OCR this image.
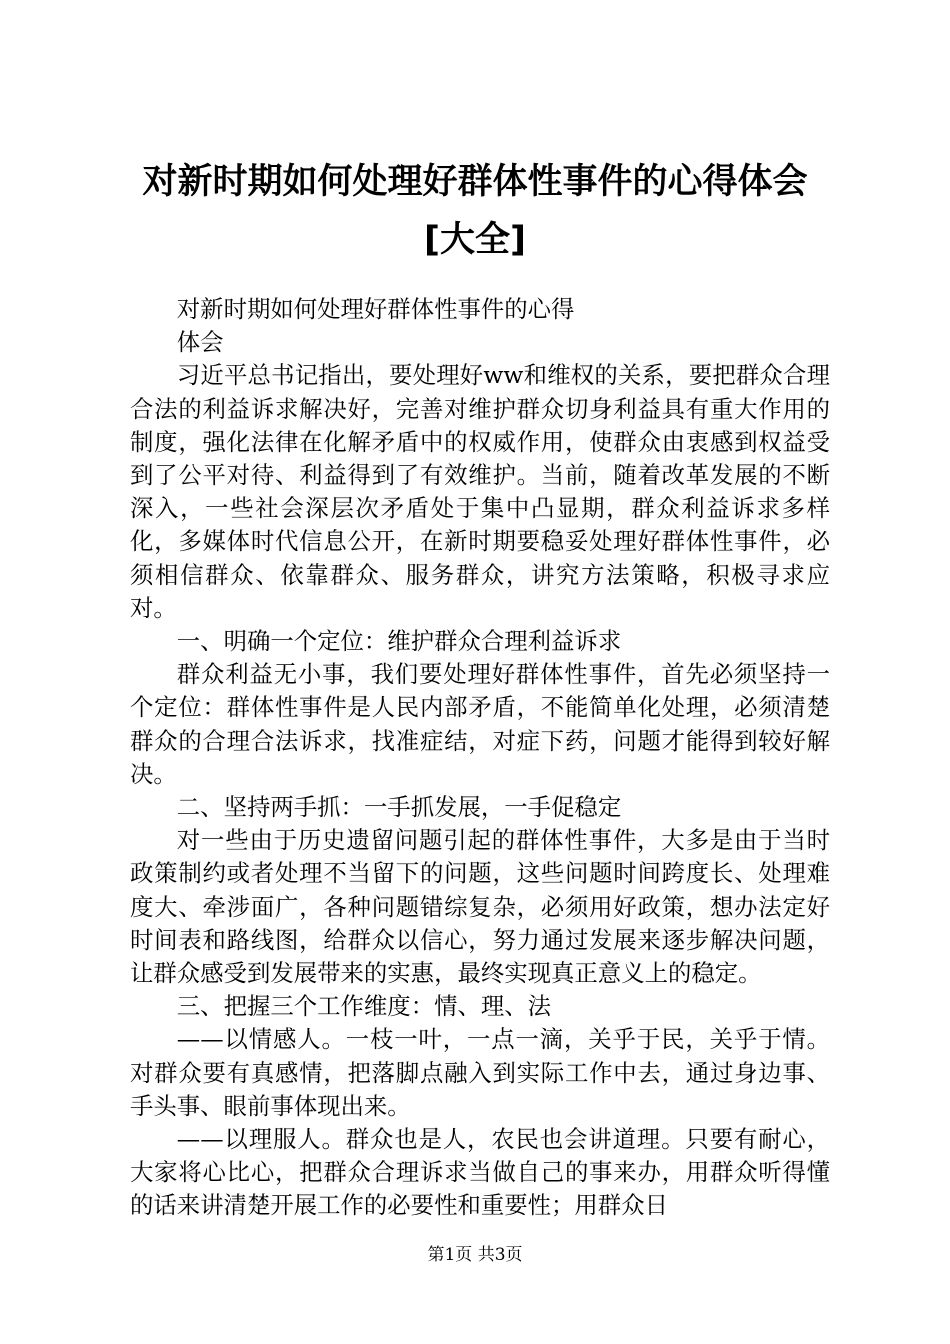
对新时期如何处理好群体性事件的心得体会
[大全]

对新时期如何处理好群体性事件的心得

体会

习近平总书记指出，要处理好ww和维权的关系，要把群众合理合法的利益诉求解决好，完善对维护群众切身利益具有重大作用的制度，强化法律在化解矛盾中的权威作用，使群众由衷感到权益受到了公平对待、利益得到了有效维护。当前，随着改革发展的不断深入，一些社会深层次矛盾处于集中凸显期，群众利益诉求多样化，多媒体时代信息公开，在新时期要稳妥处理好群体性事件，必须相信群众、依靠群众、服务群众，讲究方法策略，积极寻求应对。

一、明确一个定位：维护群众合理利益诉求

群众利益无小事，我们要处理好群体性事件，首先必须坚持一个定位：群体性事件是人民内部矛盾，不能简单化处理，必须清楚群众的合理合法诉求，找准症结，对症下药，问题才能得到较好解决。

二、坚持两手抓：一手抓发展，一手促稳定

对一些由于历史遗留问题引起的群体性事件，大多是由于当时政策制约或者处理不当留下的问题，这些问题时间跨度长、处理难度大、牵涉面广，各种问题错综复杂，必须用好政策，想办法定好时间表和路线图，给群众以信心，努力通过发展来逐步解决问题，让群众感受到发展带来的实惠，最终实现真正意义上的稳定。

三、把握三个工作维度：情、理、法

——以情感人。一枝一叶，一点一滴，关乎于民，关乎于情。对群众要有真感情，把落脚点融入到实际工作中去，通过身边事、手头事、眼前事体现出来。

——以理服人。群众也是人，农民也会讲道理。只要有耐心，大家将心比心，把群众合理诉求当做自己的事来办，用群众听得懂的话来讲清楚开展工作的必要性和重要性；用群众日

第1页 共3页
